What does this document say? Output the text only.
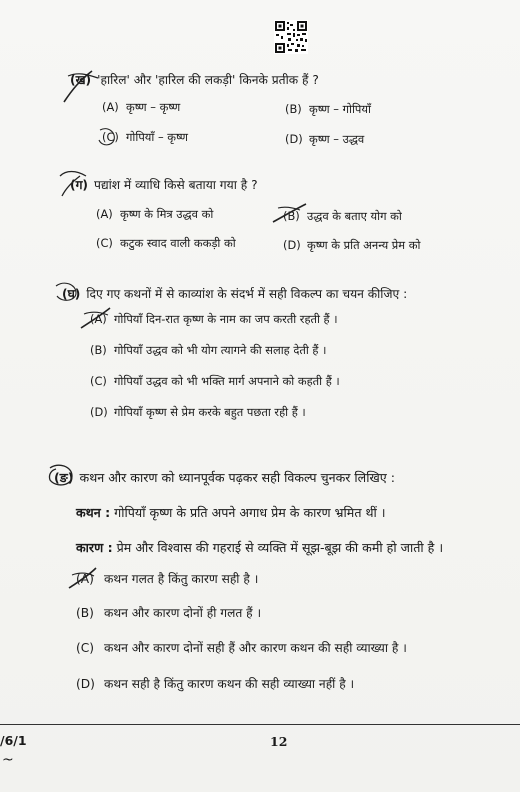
(ख) 'हारिल' और 'हारिल की लकड़ी' किनके प्रतीक हैं ?
(A) कृष्ण – कृष्ण	(B) कृष्ण – गोपियाँ
(C) गोपियाँ – कृष्ण	(D) कृष्ण – उद्धव
(ग) पद्यांश में व्याधि किसे बताया गया है ?
(A) कृष्ण के मित्र उद्धव को	(B) उद्धव के बताए योग को
(C) कटुक स्वाद वाली ककड़ी को	(D) कृष्ण के प्रति अनन्य प्रेम को
(घ) दिए गए कथनों में से काव्यांश के संदर्भ में सही विकल्प का चयन कीजिए :
(A) गोपियाँ दिन-रात कृष्ण के नाम का जप करती रहती हैं ।
(B) गोपियाँ उद्धव को भी योग त्यागने की सलाह देती हैं ।
(C) गोपियाँ उद्धव को भी भक्ति मार्ग अपनाने को कहती हैं ।
(D) गोपियाँ कृष्ण से प्रेम करके बहुत पछता रही हैं ।
(ङ) कथन और कारण को ध्यानपूर्वक पढ़कर सही विकल्प चुनकर लिखिए :
कथन : गोपियाँ कृष्ण के प्रति अपने अगाध प्रेम के कारण भ्रमित थीं ।
कारण : प्रेम और विश्वास की गहराई से व्यक्ति में सूझ-बूझ की कमी हो जाती है ।
(A) कथन गलत है किंतु कारण सही है ।
(B) कथन और कारण दोनों ही गलत हैं ।
(C) कथन और कारण दोनों सही हैं और कारण कथन की सही व्याख्या है ।
(D) कथन सही है किंतु कारण कथन की सही व्याख्या नहीं है ।
/6/1
~
12
